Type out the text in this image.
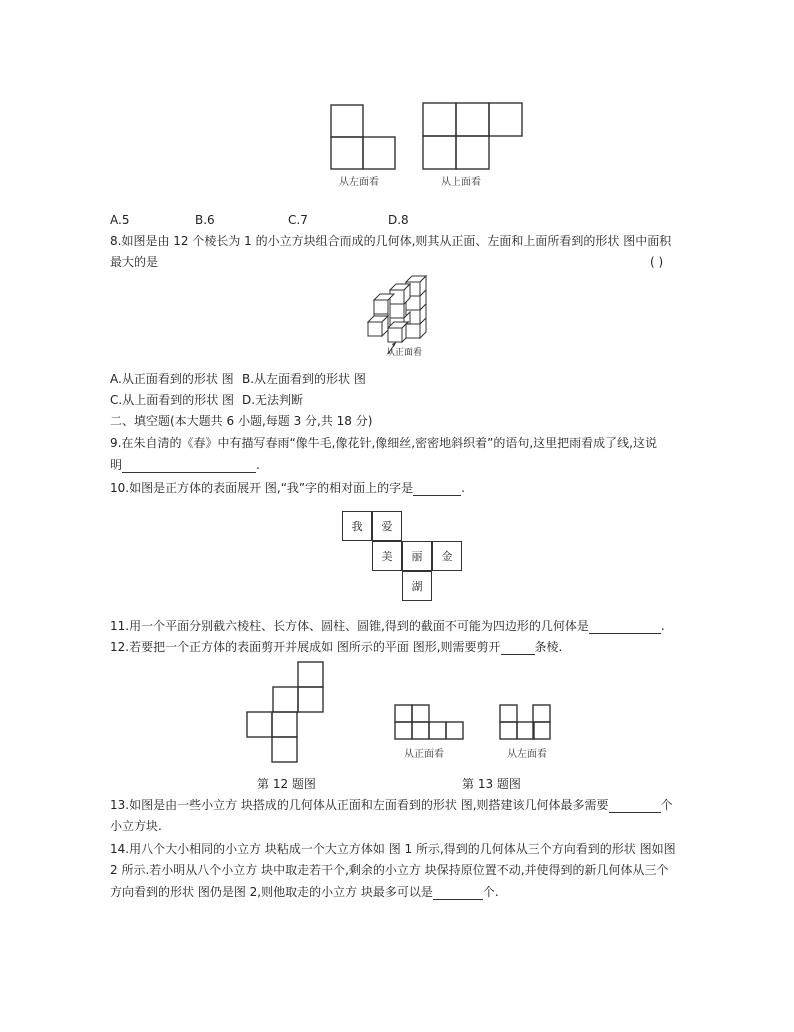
从左面看	从上面看
A.5	B.6	C.7	D.8
8.如图是由 12 个棱长为 1 的小立方块组合而成的几何体,则其从正面、左面和上面所看到的形状 图中面积
最大的是	( )
从正面看
A.从正面看到的形状 图 B.从左面看到的形状 图
C.从上面看到的形状 图 D.无法判断
二、填空题(本大题共 6 小题,每题 3 分,共 18 分)
9.在朱自清的《春》中有描写春雨“像牛毛,像花针,像细丝,密密地斜织着”的语句,这里把雨看成了线,这说
明	.
10.如图是正方体的表面展开 图,“我”字的相对面上的字是	.
我	爱
美	丽	金
湖
11.用一个平面分别截六棱柱、长方体、圆柱、圆锥,得到的截面不可能为四边形的几何体是	.
12.若要把一个正方体的表面剪开并展成如 图所示的平面 图形,则需要剪开	条棱.
从正面看	从左面看
第 12 题图	第 13 题图
13.如图是由一些小立方 块搭成的几何体从正面和左面看到的形状 图,则搭建该几何体最多需要	个
小立方块.
14.用八个大小相同的小立方 块粘成一个大立方体如 图 1 所示,得到的几何体从三个方向看到的形状 图如图
2 所示.若小明从八个小立方 块中取走若干个,剩余的小立方 块保持原位置不动,并使得到的新几何体从三个
方向看到的形状 图仍是图 2,则他取走的小立方 块最多可以是	个.
